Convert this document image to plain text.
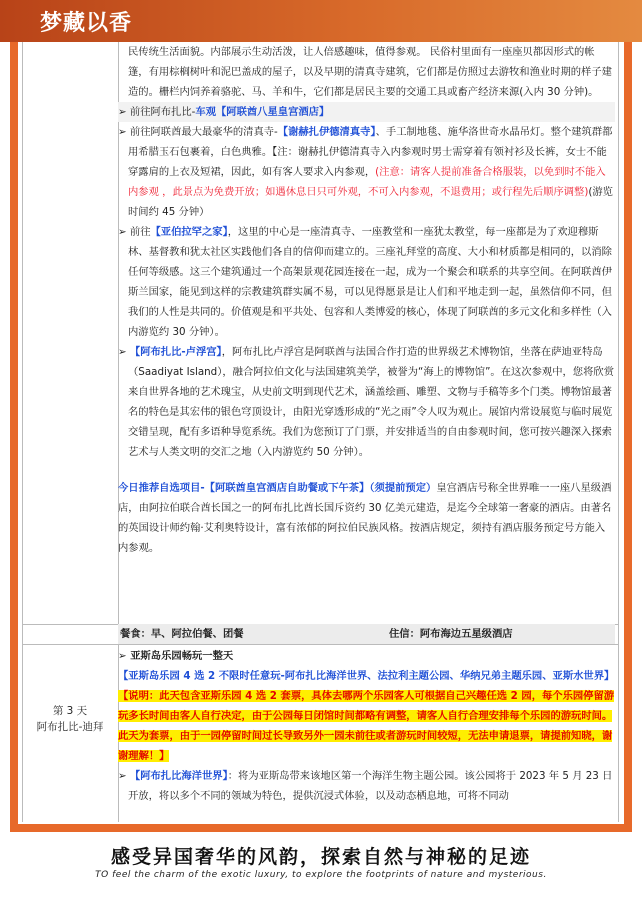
梦藏以香

民传统生活面貌。内部展示生动活泼，让人倍感趣味，值得参观。 民俗村里面有一座座贝都因形式的帐篷，有用棕榈树叶和泥巴盖成的屋子，以及早期的清真寺建筑，它们都是仿照过去游牧和渔业时期的样子建造的。栅栏内饲养着骆驼、马、羊和牛，它们都是居民主要的交通工具或畜产经济来源(入内 30 分钟)。

➢ 前往阿布扎比-车观【阿联酋八星皇宫酒店】

➢ 前往阿联酋最大最豪华的清真寺-【谢赫扎伊德清真寺】、手工制地毯、施华洛世奇水晶吊灯。整个建筑群都用希腊玉石包裹着，白色典雅。【注：谢赫扎伊德清真寺入内参观时男士需穿着有领衬衫及长裤，女士不能穿露肩的上衣及短裙，因此，如有客人要求入内参观，(注意：请客人提前准备合格服装，以免到时不能入内参观 ，此景点为免费开放；如遇休息日只可外观，不可入内参观，不退费用；或行程先后顺序调整)(游览时间约 45 分钟）

➢ 前往【亚伯拉罕之家】，这里的中心是一座清真寺、一座教堂和一座犹太教堂，每一座都是为了欢迎穆斯林、基督教和犹太社区实践他们各自的信仰而建立的。三座礼拜堂的高度、大小和材质都是相同的，以消除任何等级感。这三个建筑通过一个高架景观花园连接在一起，成为一个聚会和联系的共享空间。在阿联酋伊斯兰国家，能见到这样的宗教建筑群实属不易，可以见得愿景是让人们和平地走到一起，虽然信仰不同，但我们的人性是共同的。价值观是和平共处、包容和人类博爱的核心，体现了阿联酋的多元文化和多样性（入内游览约 30 分钟）。

➢ 【阿布扎比-卢浮宫】，阿布扎比卢浮宫是阿联酋与法国合作打造的世界级艺术博物馆，坐落在萨迪亚特岛（Saadiyat Island），融合阿拉伯文化与法国建筑美学，被誉为“海上的博物馆”。在这次参观中，您将欣赏来自世界各地的艺术瑰宝，从史前文明到现代艺术，涵盖绘画、雕塑、文物与手稿等多个门类。博物馆最著名的特色是其宏伟的银色穹顶设计，由阳光穿透形成的“光之雨”令人叹为观止。展馆内常设展览与临时展览交错呈现，配有多语种导览系统。我们为您预订了门票，并安排适当的自由参观时间，您可按兴趣深入探索艺术与人类文明的交汇之地（入内游览约 50 分钟）。

今日推荐自选项目-【阿联酋皇宫酒店自助餐或下午茶】（须提前预定）皇宫酒店号称全世界唯一一座八星级酒店，由阿拉伯联合酋长国之一的阿布扎比酋长国斥资约 30 亿美元建造，是迄今全球第一奢豪的酒店。由著名的英国设计师约翰·艾利奥特设计，富有浓郁的阿拉伯民族风格。按酒店规定，须持有酒店服务预定号方能入内参观。

餐食：早、阿拉伯餐、团餐	住信：阿布海边五星级酒店
第 3 天
阿布扎比-迪拜

➢ 亚斯岛乐园畅玩一整天

【亚斯岛乐园 4 选 2 不限时任意玩-阿布扎比海洋世界、法拉利主题公园、华纳兄弟主题乐园、亚斯水世界】

【说明：此天包含亚斯乐园 4 选 2 套票，具体去哪两个乐园客人可根据自己兴趣任选 2 园，每个乐园停留游玩多长时间由客人自行决定，由于公园每日闭馆时间都略有调整，请客人自行合理安排每个乐园的游玩时间。此天为套票，由于一园停留时间过长导致另外一园未前往或者游玩时间较短，无法申请退票，请提前知晓，谢谢理解！】

➢ 【阿布扎比海洋世界】：将为亚斯岛带来该地区第一个海洋生物主题公园。该公园将于 2023 年 5 月 23 日开放，将以多个不同的领域为特色，提供沉浸式体验，以及动态栖息地，可将不同动

感受异国奢华的风韵，探索自然与神秘的足迹
TO feel the charm of the exotic luxury, to explore the footprints of nature and mysterious.
